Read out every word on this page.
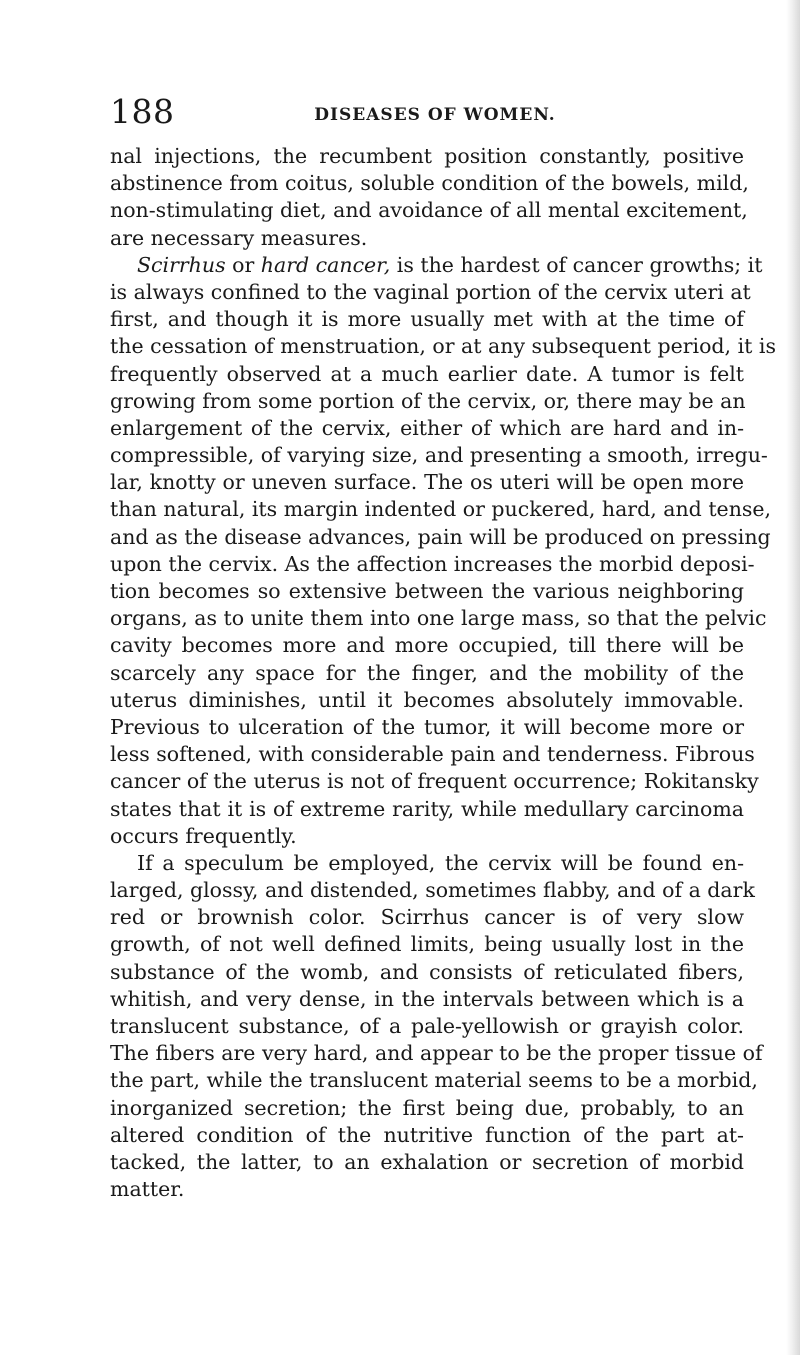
188	DISEASES OF WOMEN.
nal injections, the recumbent position constantly, positive
abstinence from coitus, soluble condition of the bowels, mild,
non-stimulating diet, and avoidance of all mental excitement,
are necessary measures.
Scirrhus or hard cancer, is the hardest of cancer growths; it
is always confined to the vaginal portion of the cervix uteri at
first, and though it is more usually met with at the time of
the cessation of menstruation, or at any subsequent period, it is
frequently observed at a much earlier date. A tumor is felt
growing from some portion of the cervix, or, there may be an
enlargement of the cervix, either of which are hard and in-
compressible, of varying size, and presenting a smooth, irregu-
lar, knotty or uneven surface. The os uteri will be open more
than natural, its margin indented or puckered, hard, and tense,
and as the disease advances, pain will be produced on pressing
upon the cervix. As the affection increases the morbid deposi-
tion becomes so extensive between the various neighboring
organs, as to unite them into one large mass, so that the pelvic
cavity becomes more and more occupied, till there will be
scarcely any space for the finger, and the mobility of the
uterus diminishes, until it becomes absolutely immovable.
Previous to ulceration of the tumor, it will become more or
less softened, with considerable pain and tenderness. Fibrous
cancer of the uterus is not of frequent occurrence; Rokitansky
states that it is of extreme rarity, while medullary carcinoma
occurs frequently.
If a speculum be employed, the cervix will be found en-
larged, glossy, and distended, sometimes flabby, and of a dark
red or brownish color. Scirrhus cancer is of very slow
growth, of not well defined limits, being usually lost in the
substance of the womb, and consists of reticulated fibers,
whitish, and very dense, in the intervals between which is a
translucent substance, of a pale-yellowish or grayish color.
The fibers are very hard, and appear to be the proper tissue of
the part, while the translucent material seems to be a morbid,
inorganized secretion; the first being due, probably, to an
altered condition of the nutritive function of the part at-
tacked, the latter, to an exhalation or secretion of morbid
matter.
